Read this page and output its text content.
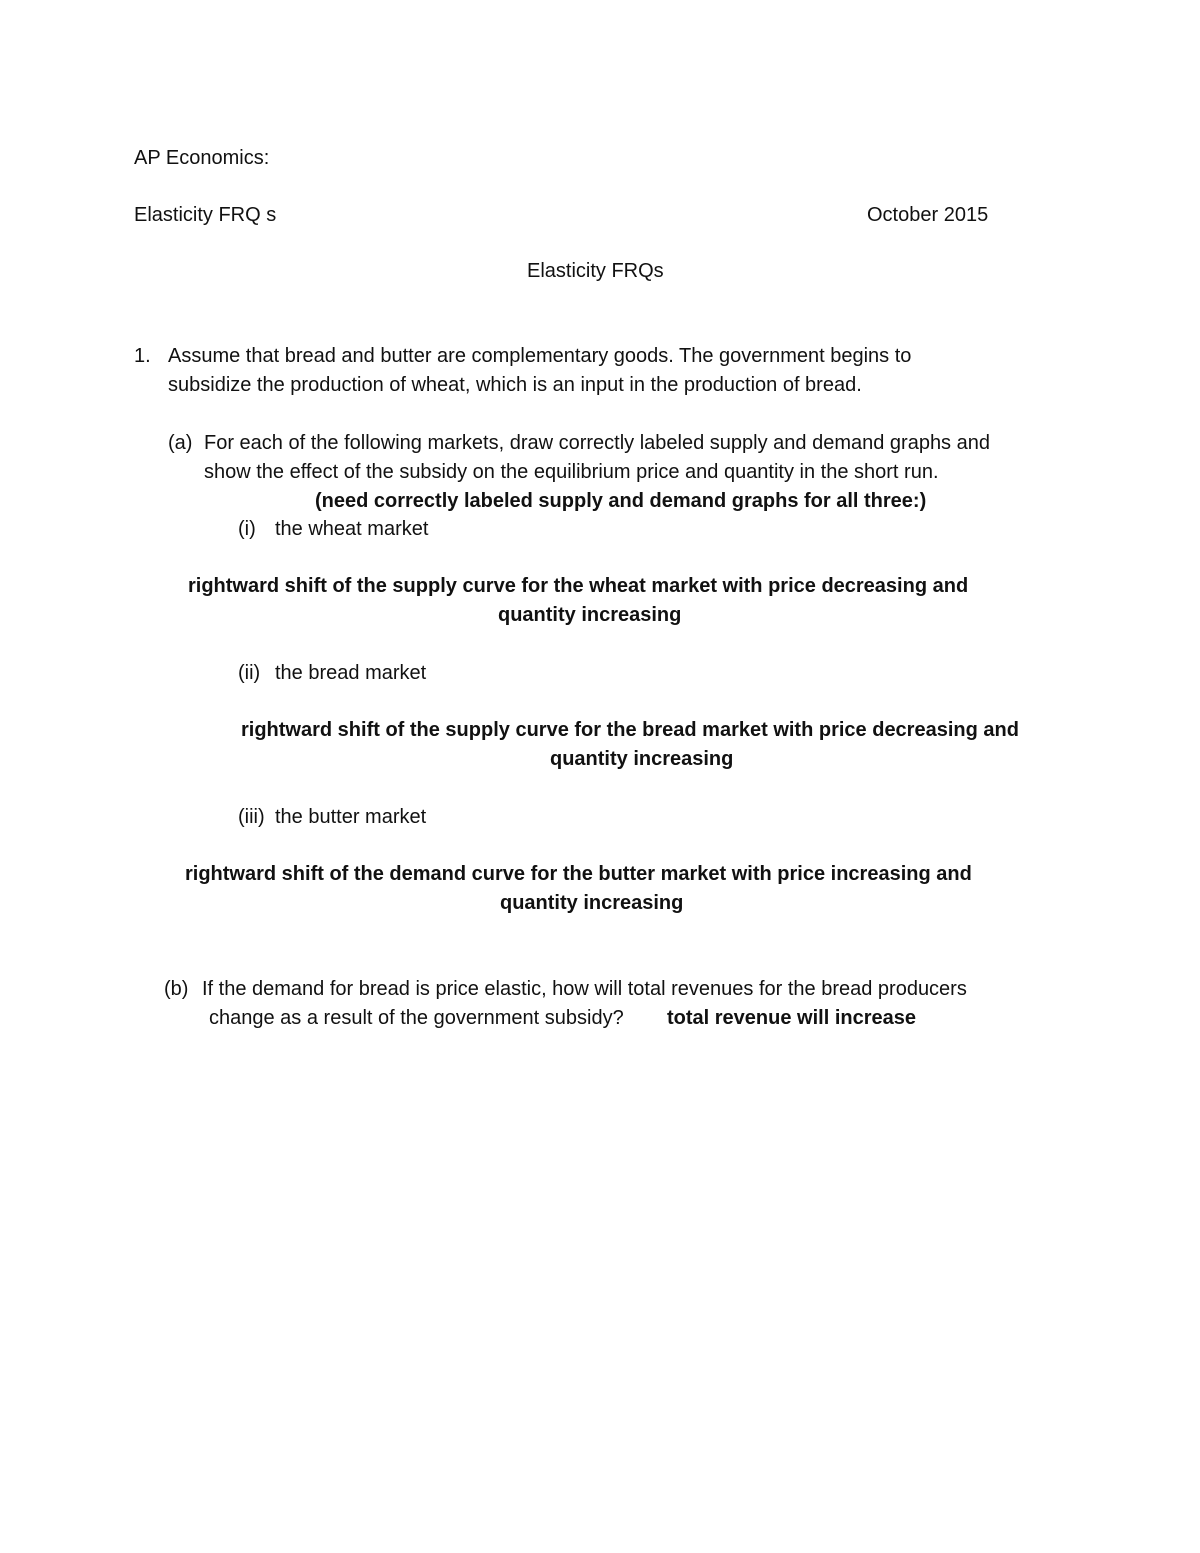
AP Economics:
Elasticity FRQ s	October 2015
Elasticity FRQs
1. Assume that bread and butter are complementary goods. The government begins to
subsidize the production of wheat, which is an input in the production of bread.
(a) For each of the following markets, draw correctly labeled supply and demand graphs and
show the effect of the subsidy on the equilibrium price and quantity in the short run.
(need correctly labeled supply and demand graphs for all three:)
(i) the wheat market
rightward shift of the supply curve for the wheat market with price decreasing and
quantity increasing
(ii) the bread market
rightward shift of the supply curve for the bread market with price decreasing and
quantity increasing
(iii) the butter market
rightward shift of the demand curve for the butter market with price increasing and
quantity increasing
(b) If the demand for bread is price elastic, how will total revenues for the bread producers
change as a result of the government subsidy? total revenue will increase
